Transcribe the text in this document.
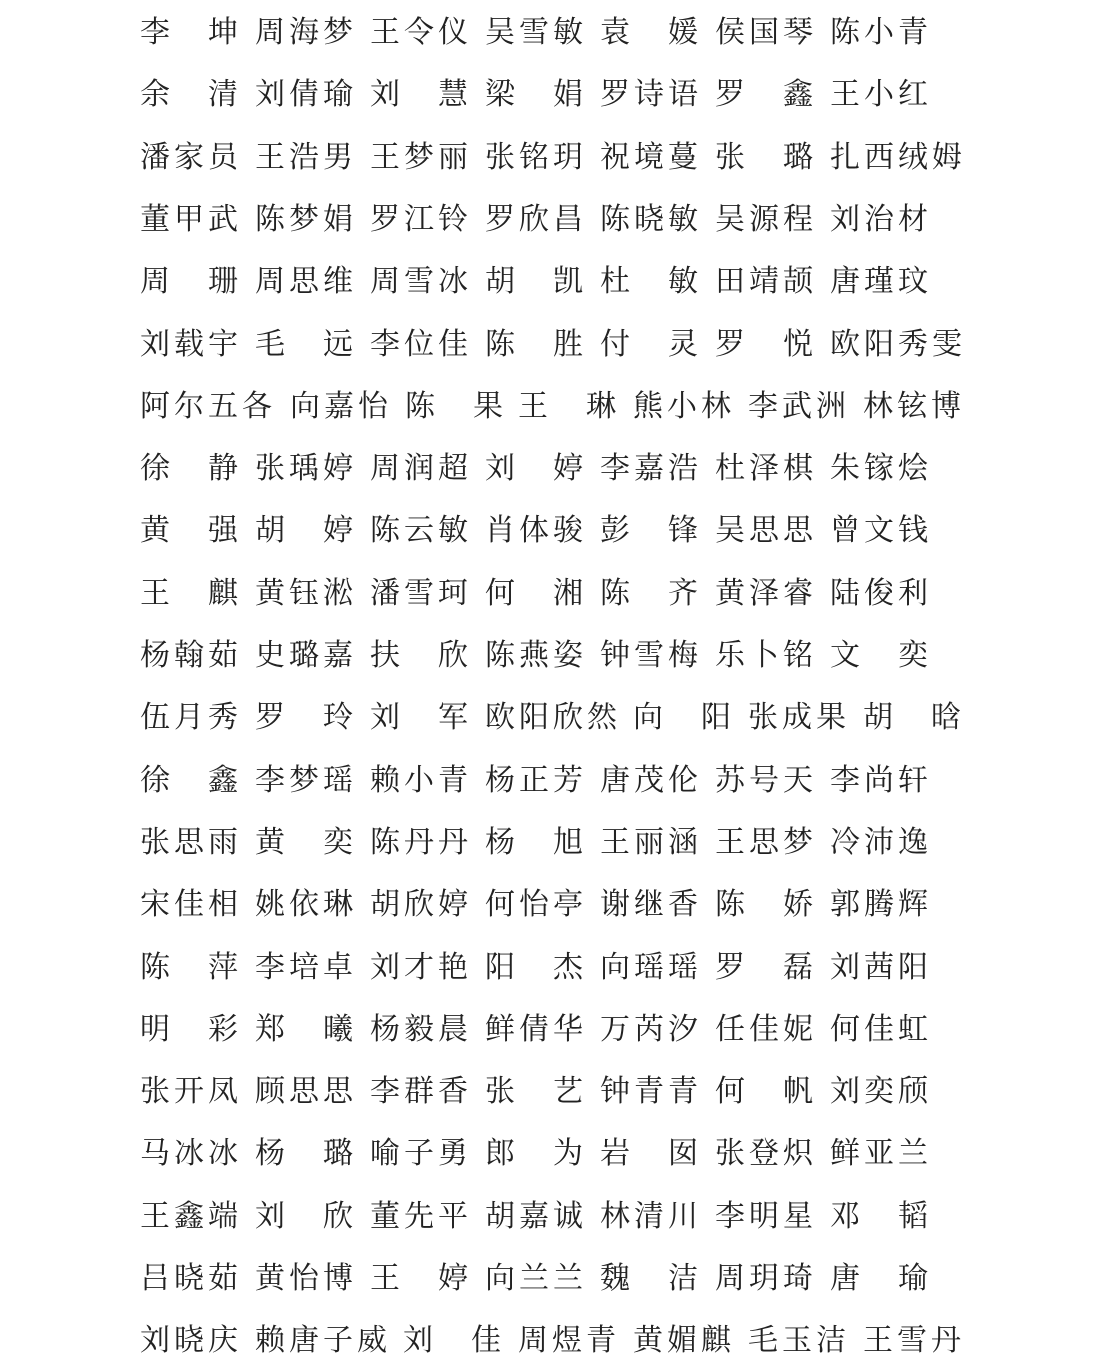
李　坤 周海梦 王令仪 吴雪敏 袁　媛 侯国琴 陈小青
余　清 刘倩瑜 刘　慧 梁　娟 罗诗语 罗　鑫 王小红
潘家员 王浩男 王梦丽 张铭玥 祝境蔓 张　璐 扎西绒姆
董甲武 陈梦娟 罗江铃 罗欣昌 陈晓敏 吴源程 刘治材
周　珊 周思维 周雪冰 胡　凯 杜　敏 田靖颉 唐瑾玟
刘载宇 毛　远 李位佳 陈　胜 付　灵 罗　悦 欧阳秀雯
阿尔五各 向嘉怡 陈　果 王　琳 熊小林 李武洲 林铉博
徐　静 张瑀婷 周润超 刘　婷 李嘉浩 杜泽棋 朱镓烩
黄　强 胡　婷 陈云敏 肖体骏 彭　锋 吴思思 曾文钱
王　麒 黄钰淞 潘雪珂 何　湘 陈　齐 黄泽睿 陆俊利
杨翰茹 史璐嘉 扶　欣 陈燕姿 钟雪梅 乐卜铭 文　奕
伍月秀 罗　玲 刘　军 欧阳欣然 向　阳 张成果 胡　晗
徐　鑫 李梦瑶 赖小青 杨正芳 唐茂伦 苏号天 李尚轩
张思雨 黄　奕 陈丹丹 杨　旭 王丽涵 王思梦 冷沛逸
宋佳相 姚依琳 胡欣婷 何怡亭 谢继香 陈　娇 郭腾辉
陈　萍 李培卓 刘才艳 阳　杰 向瑶瑶 罗　磊 刘茜阳
明　彩 郑　曦 杨毅晨 鲜倩华 万芮汐 任佳妮 何佳虹
张开凤 顾思思 李群香 张　艺 钟青青 何　帆 刘奕颀
马冰冰 杨　璐 喻子勇 郎　为 岩　囡 张登炽 鲜亚兰
王鑫端 刘　欣 董先平 胡嘉诚 林清川 李明星 邓　韬
吕晓茹 黄怡博 王　婷 向兰兰 魏　洁 周玥琦 唐　瑜
刘晓庆 赖唐子威 刘　佳 周煜青 黄媚麒 毛玉洁 王雪丹
